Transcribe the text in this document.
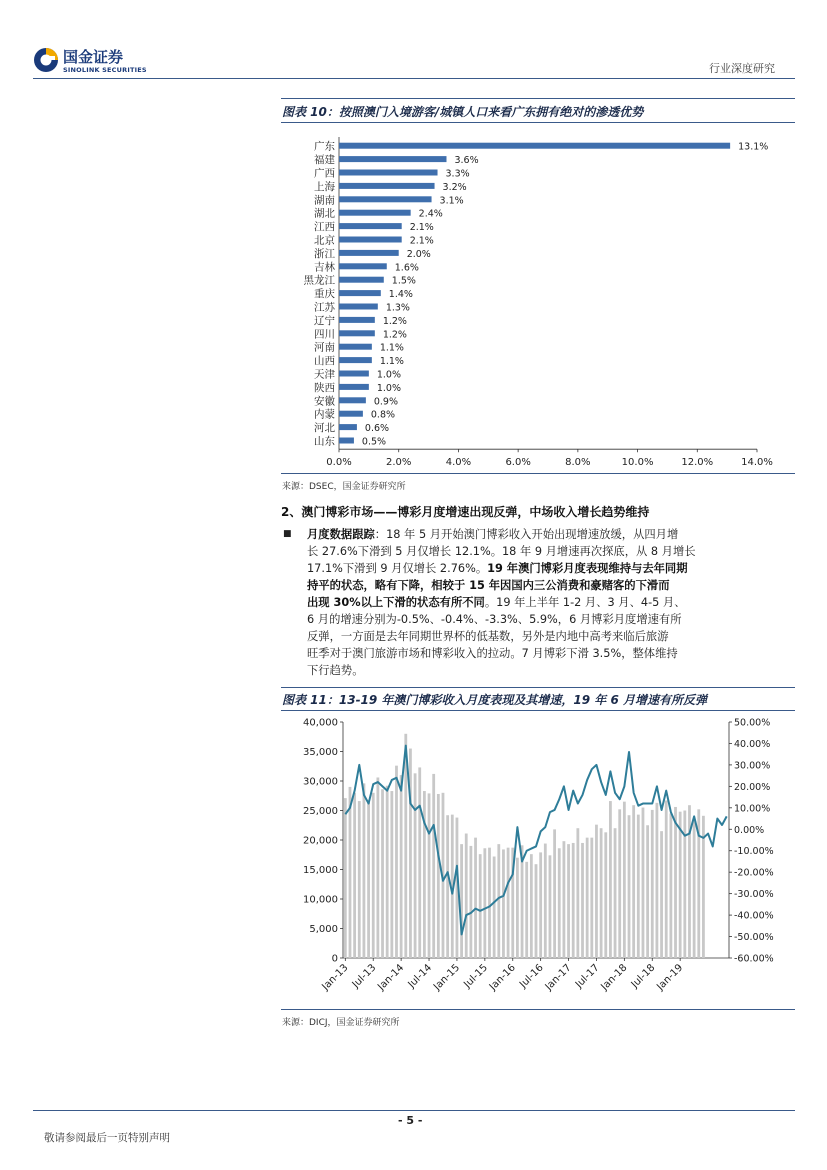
国金证券
SINOLINK SECURITIES	行业深度研究
图表 10：按照澳门入境游客/城镇人口来看广东拥有绝对的渗透优势
广东	13.1%
福建	3.6%
广西	3.3%
上海	3.2%
湖南	3.1%
湖北	2.4%
江西	2.1%
北京	2.1%
浙江	2.0%
吉林	1.6%
黑龙江	1.5%
重庆	1.4%
江苏	1.3%
辽宁	1.2%
四川	1.2%
河南	1.1%
山西	1.1%
天津	1.0%
陕西	1.0%
安徽	0.9%
内蒙	0.8%
河北	0.6%
山东	0.5%
0.0%	2.0%	4.0%	6.0%	8.0%	10.0%	12.0%	14.0%
来源：DSEC，国金证券研究所
2、澳门博彩市场——博彩月度增速出现反弹，中场收入增长趋势维持
■ 月度数据跟踪：18 年 5 月开始澳门博彩收入开始出现增速放缓，从四月增
长 27.6%下滑到 5 月仅增长 12.1%。18 年 9 月增速再次探底，从 8 月增长
17.1%下滑到 9 月仅增长 2.76%。19 年澳门博彩月度表现维持与去年同期
持平的状态，略有下降，相较于 15 年因国内三公消费和豪赌客的下滑而
出现 30%以上下滑的状态有所不同。19 年上半年 1-2 月、3 月、4-5 月、
6 月的增速分别为-0.5%、-0.4%、-3.3%、5.9%，6 月博彩月度增速有所
反弹，一方面是去年同期世界杯的低基数，另外是内地中高考来临后旅游
旺季对于澳门旅游市场和博彩收入的拉动。7 月博彩下滑 3.5%，整体维持
下行趋势。
图表 11：13-19 年澳门博彩收入月度表现及其增速，19 年 6 月增速有所反弹
0
5,000
10,000
15,000
20,000
25,000
30,000
35,000
40,000
-60.00%
-50.00%
-40.00%
-30.00%
-20.00%
-10.00%
0.00%
10.00%
20.00%
30.00%
40.00%
50.00%
Jan-13 Jul-13
Jan-14 Jul-14
Jan-15 Jul-15
Jan-16 Jul-16
Jan-17 Jul-17
Jan-18 Jul-18
Jan-19
来源：DICJ，国金证券研究所
- 5 -
敬请参阅最后一页特别声明
